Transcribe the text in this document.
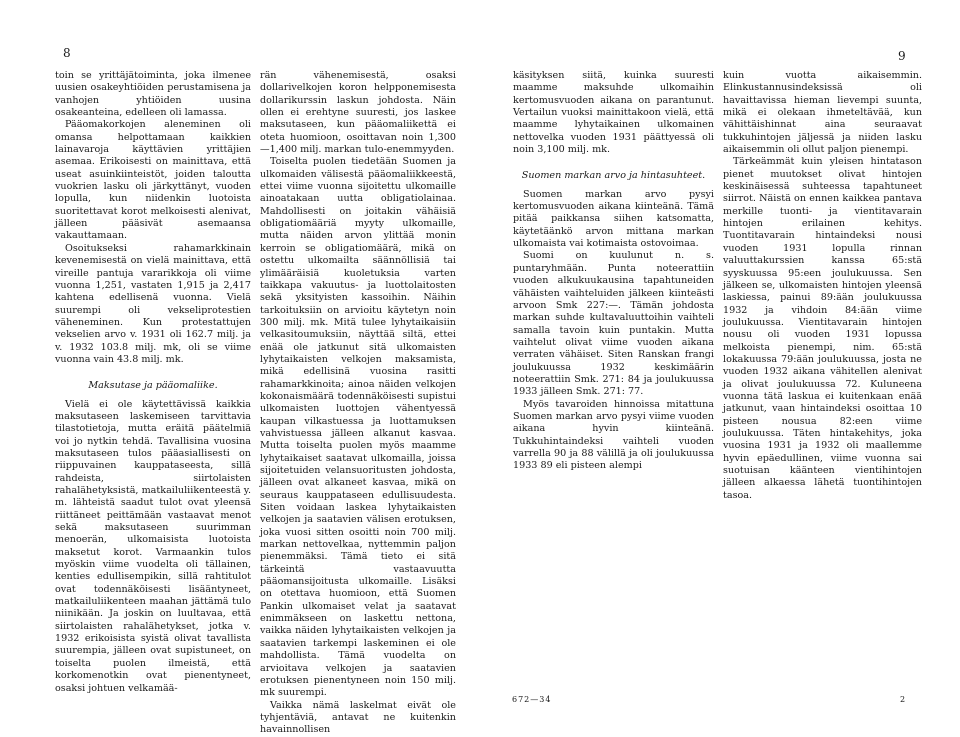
8	9

toin se yrittäjätoiminta, joka ilmenee uusien osakeyhtiöiden perustamisena ja vanhojen yhtiöiden uusina osakeanteina, edelleen oli lamassa.

Pääomakorkojen aleneminen oli omansa helpottamaan kaikkien lainavaroja käyttävien yrittäjien asemaa. Erikoisesti on mainittava, että useat asuinkiinteistöt, joiden taloutta vuokrien lasku oli järkyttänyt, vuoden lopulla, kun niidenkin luotoista suoritettavat korot melkoisesti alenivat, jälleen pääsivät asemaansa vakauttamaan.

Osoitukseksi rahamarkkinain kevenemisestä on vielä mainittava, että vireille pantuja vararikkoja oli viime vuonna 1,251, vastaten 1,915 ja 2,417 kahtena edellisenä vuonna. Vielä suurempi oli vekseliprotestien väheneminen. Kun protestattujen vekselien arvo v. 1931 oli 162.7 milj. ja v. 1932 103.8 milj. mk, oli se viime vuonna vain 43.8 milj. mk.

Maksutase ja pääomaliike.

Vielä ei ole käytettävissä kaikkia maksutaseen laskemiseen tarvittavia tilastotietoja, mutta eräitä päätelmiä voi jo nytkin tehdä. Tavallisina vuosina maksutaseen tulos pääasiallisesti on riippuvainen kauppataseesta, sillä rahdeista, siirtolaisten rahalähetyksistä, matkailuliikenteestä y. m. lähteistä saadut tulot ovat yleensä riittäneet peittämään vastaavat menot sekä maksutaseen suurimman menoerän, ulkomaisista luotoista maksetut korot. Varmaankin tulos myöskin viime vuodelta oli tällainen, kenties edullisempikin, sillä rahtitulot ovat todennäköisesti lisääntyneet, matkailuliikenteen maahan jättämä tulo niinikään. Ja joskin on luultavaa, että siirtolaisten rahalähetykset, jotka v. 1932 erikoisista syistä olivat tavallista suurempia, jälleen ovat supistuneet, on toiselta puolen ilmeistä, että korkomenotkin ovat pienentyneet, osaksi johtuen velkamää-

rän vähenemisestä, osaksi dollarivelkojen koron helpponemisesta dollarikurssin laskun johdosta. Näin ollen ei erehtyne suuresti, jos laskee maksutaseen, kun pääomaliikettä ei oteta huomioon, osoittavan noin 1,300—1,400 milj. markan tulo-enemmyyden.

Toiselta puolen tiedetään Suomen ja ulkomaiden välisestä pääomaliikkeestä, ettei viime vuonna sijoitettu ulkomaille ainoatakaan uutta obligatiolainaa. Mahdollisesti on joitakin vähäisiä obligatiomääriä myyty ulkomaille, mutta näiden arvon ylittää monin kerroin se obligatiomäärä, mikä on ostettu ulkomailta säännöllisiä tai ylimääräisiä kuoletuksia varten taikkapa vakuutus- ja luottolaitosten sekä yksityisten kassoihin. Näihin tarkoituksiin on arvioitu käytetyn noin 300 milj. mk. Mitä tulee lyhytaikaisiin velkasitoumuksiin, näyttää siltä, ettei enää ole jatkunut sitä ulkomaisten lyhytaikaisten velkojen maksamista, mikä edellisinä vuosina rasitti rahamarkkinoita; ainoa näiden velkojen kokonaismäärä todennäköisesti supistui ulkomaisten luottojen vähentyessä kaupan vilkastuessa ja luottamuksen vahvistuessa jälleen alkanut kasvaa. Mutta toiselta puolen myös maamme lyhytaikaiset saatavat ulkomailla, joissa sijoitetuiden velansuoritusten johdosta, jälleen ovat alkaneet kasvaa, mikä on seuraus kauppataseen edullisuudesta. Siten voidaan laskea lyhytaikaisten velkojen ja saatavien välisen erotuksen, joka vuosi sitten osoitti noin 700 milj. markan nettovelkaa, nyttemmin paljon pienemmäksi. Tämä tieto ei sitä tärkeintä vastaavuutta pääomansijoitusta ulkomaille. Lisäksi on otettava huomioon, että Suomen Pankin ulkomaiset velat ja saatavat enimmäkseen on laskettu nettona, vaikka näiden lyhytaikaisten velkojen ja saatavien tarkempi laskeminen ei ole mahdollista. Tämä vuodelta on arvioitava velkojen ja saatavien erotuksen pienentyneen noin 150 milj. mk suurempi.

Vaikka nämä laskelmat eivät ole tyhjentäviä, antavat ne kuitenkin havainnollisen

käsityksen siitä, kuinka suuresti maamme maksuhde ulkomaihin kertomusvuoden aikana on parantunut. Vertailun vuoksi mainittakoon vielä, että maamme lyhytaikainen ulkomainen nettovelka vuoden 1931 päättyessä oli noin 3,100 milj. mk.

Suomen markan arvo ja hintasuhteet.

Suomen markan arvo pysyi kertomusvuoden aikana kiinteänä. Tämä pitää paikkansa siihen katsomatta, käytetäänkö arvon mittana markan ulkomaista vai kotimaista ostovoimaa.

Suomi on kuulunut n. s. puntaryhmään. Punta noteerattiin vuoden alkukuukausina tapahtuneiden vähäisten vaihteluiden jälkeen kiinteästi arvoon Smk 227:—. Tämän johdosta markan suhde kultavaluuttoihin vaihteli samalla tavoin kuin puntakin. Mutta vaihtelut olivat viime vuoden aikana verraten vähäiset. Siten Ranskan frangi joulukuussa 1932 keskimäärin noteerattiin Smk. 271: 84 ja joulukuussa 1933 jälleen Smk. 271: 77.

Myös tavaroiden hinnoissa mitattuna Suomen markan arvo pysyi viime vuoden aikana hyvin kiinteänä. Tukkuhintaindeksi vaihteli vuoden varrella 90 ja 88 välillä ja oli joulukuussa 1933 89 eli pisteen alempi

kuin vuotta aikaisemmin. Elinkustannusindeksissä oli havaittavissa hieman lievempi suunta, mikä ei olekaan ihmeteltävää, kun vähittäishinnat aina seuraavat tukkuhintojen jäljessä ja niiden lasku aikaisemmin oli ollut paljon pienempi.

Tärkeämmät kuin yleisen hintatason pienet muutokset olivat hintojen keskinäisessä suhteessa tapahtuneet siirrot. Näistä on ennen kaikkea pantava merkille tuonti- ja vientitavarain hintojen erilainen kehitys. Tuontitavarain hintaindeksi nousi vuoden 1931 lopulla rinnan valuuttakurssien kanssa 65:stä syyskuussa 95:een joulukuussa. Sen jälkeen se, ulkomaisten hintojen yleensä laskiessa, painui 89:ään joulukuussa 1932 ja vihdoin 84:ään viime joulukuussa. Vientitavarain hintojen nousu oli vuoden 1931 lopussa melkoista pienempi, nim. 65:stä lokakuussa 79:ään joulukuussa, josta ne vuoden 1932 aikana vähitellen alenivat ja olivat joulukuussa 72. Kuluneena vuonna tätä laskua ei kuitenkaan enää jatkunut, vaan hintaindeksi osoittaa 10 pisteen nousua 82:een viime joulukuussa. Täten hintakehitys, joka vuosina 1931 ja 1932 oli maallemme hyvin epäedullinen, viime vuonna sai suotuisan käänteen vientihintojen jälleen alkaessa lähetä tuontihintojen tasoa.

672—34	2
